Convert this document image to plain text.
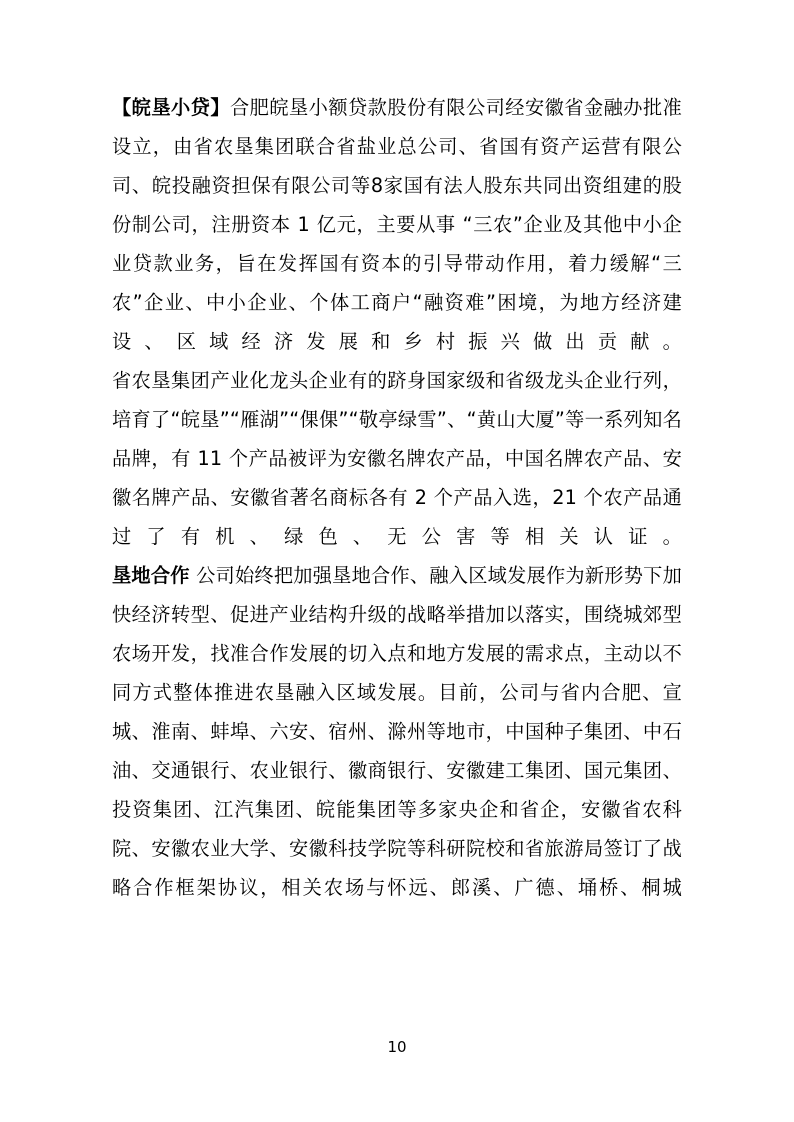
【皖垦小贷】合肥皖垦小额贷款股份有限公司经安徽省金融办批准设立，由省农垦集团联合省盐业总公司、省国有资产运营有限公司、皖投融资担保有限公司等8家国有法人股东共同出资组建的股份制公司，注册资本 1 亿元，主要从事 “三农”企业及其他中小企业贷款业务，旨在发挥国有资本的引导带动作用，着力缓解“三农”企业、中小企业、个体工商户“融资难”困境，为地方经济建设、区域经济发展和乡村振兴做出贡献。

省农垦集团产业化龙头企业有的跻身国家级和省级龙头企业行列，培育了“皖垦”“雁湖”“倮倮”“敬亭绿雪”、“黄山大厦”等一系列知名品牌，有 11 个产品被评为安徽名牌农产品，中国名牌农产品、安徽名牌产品、安徽省著名商标各有 2 个产品入选，21 个农产品通过了有机、绿色、无公害等相关认证。

垦地合作 公司始终把加强垦地合作、融入区域发展作为新形势下加快经济转型、促进产业结构升级的战略举措加以落实，围绕城郊型农场开发，找准合作发展的切入点和地方发展的需求点，主动以不同方式整体推进农垦融入区域发展。目前，公司与省内合肥、宣城、淮南、蚌埠、六安、宿州、滁州等地市，中国种子集团、中石油、交通银行、农业银行、徽商银行、安徽建工集团、国元集团、投资集团、江汽集团、皖能集团等多家央企和省企，安徽省农科院、安徽农业大学、安徽科技学院等科研院校和省旅游局签订了战略合作框架协议，相关农场与怀远、郎溪、广德、埇桥、桐城

10
